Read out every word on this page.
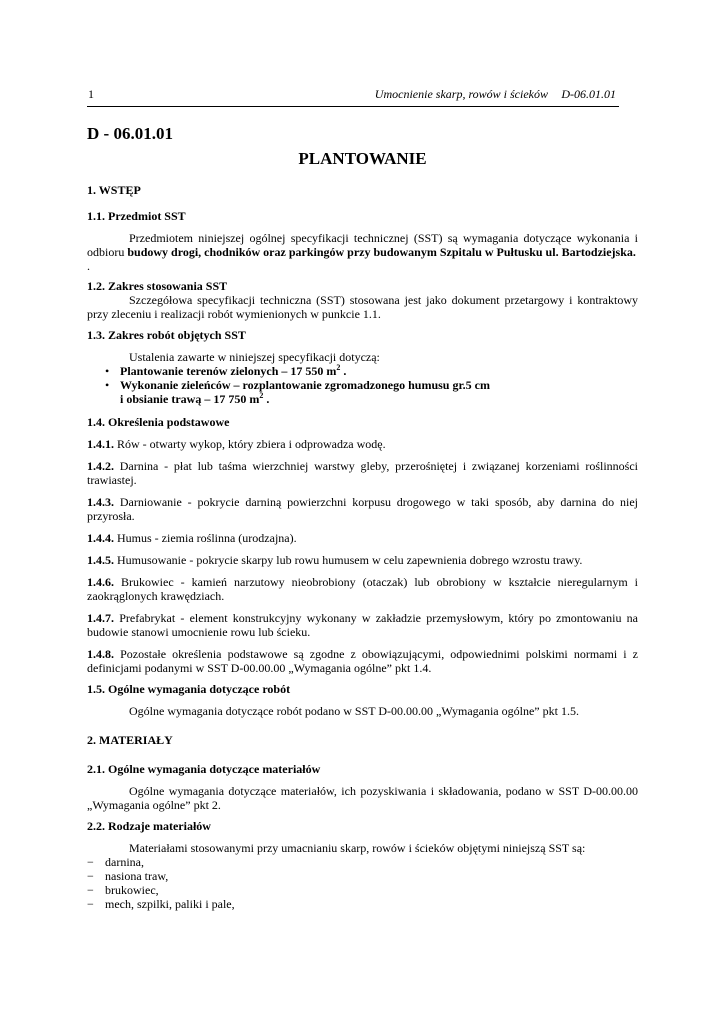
1	Umocnienie skarp, rowów i ścieków D-06.01.01

D - 06.01.01

PLANTOWANIE

1. WSTĘP

1.1. Przedmiot SST

Przedmiotem niniejszej ogólnej specyfikacji technicznej (SST) są wymagania dotyczące wykonania i odbioru budowy drogi, chodników oraz parkingów przy budowanym Szpitalu w Pułtusku ul. Bartodziejska.

.

1.2. Zakres stosowania SST

Szczegółowa specyfikacji techniczna (SST) stosowana jest jako dokument przetargowy i kontraktowy przy zleceniu i realizacji robót wymienionych w punkcie 1.1.

1.3. Zakres robót objętych SST

Ustalenia zawarte w niniejszej specyfikacji dotyczą:

• Plantowanie terenów zielonych – 17 550 $m^2$ .
• Wykonanie zieleńców – rozplantowanie zgromadzonego humusu gr.5 cm
i obsianie trawą – 17 750 $m^2$ .

1.4. Określenia podstawowe

1.4.1. Rów - otwarty wykop, który zbiera i odprowadza wodę.

1.4.2. Darnina - płat lub taśma wierzchniej warstwy gleby, przerośniętej i związanej korzeniami roślinności trawiastej.

1.4.3. Darniowanie - pokrycie darniną powierzchni korpusu drogowego w taki sposób, aby darnina do niej przyrosła.

1.4.4. Humus - ziemia roślinna (urodzajna).

1.4.5. Humusowanie - pokrycie skarpy lub rowu humusem w celu zapewnienia dobrego wzrostu trawy.

1.4.6. Brukowiec - kamień narzutowy nieobrobiony (otaczak) lub obrobiony w kształcie nieregularnym i zaokrąglonych krawędziach.

1.4.7. Prefabrykat - element konstrukcyjny wykonany w zakładzie przemysłowym, który po zmontowaniu na budowie stanowi umocnienie rowu lub ścieku.

1.4.8. Pozostałe określenia podstawowe są zgodne z obowiązującymi, odpowiednimi polskimi normami i z definicjami podanymi w SST D-00.00.00 „Wymagania ogólne” pkt 1.4.

1.5. Ogólne wymagania dotyczące robót

Ogólne wymagania dotyczące robót podano w SST D-00.00.00 „Wymagania ogólne” pkt 1.5.

2. MATERIAŁY

2.1. Ogólne wymagania dotyczące materiałów

Ogólne wymagania dotyczące materiałów, ich pozyskiwania i składowania, podano w SST D-00.00.00 „Wymagania ogólne” pkt 2.

2.2. Rodzaje materiałów

Materiałami stosowanymi przy umacnianiu skarp, rowów i ścieków objętymi niniejszą SST są:

− darnina,
− nasiona traw,
− brukowiec,
− mech, szpilki, paliki i pale,
